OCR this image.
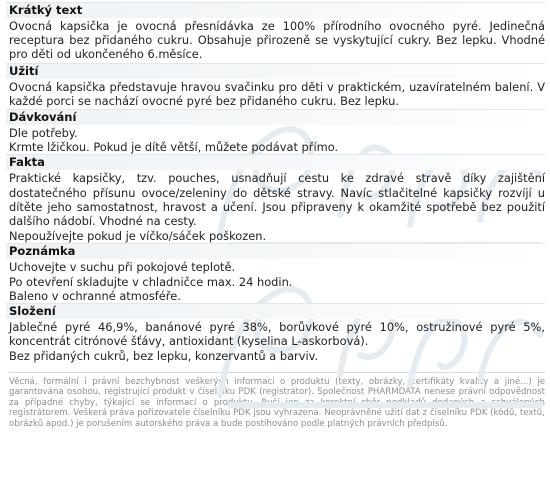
Krátký text
Ovocná kapsička je ovocná přesnídávka ze 100% přírodního ovocného pyré. Jedinečná receptura bez přidaného cukru. Obsahuje přirozeně se vyskytující cukry. Bez lepku. Vhodné pro děti od ukončeného 6.měsíce.
Užití
Ovocná kapsička představuje hravou svačinku pro děti v praktickém, uzavíratelném balení. V každé porci se nachází ovocné pyré bez přidaného cukru. Bez lepku.
Dávkování
Dle potřeby.
Krmte lžičkou. Pokud je dítě větší, můžete podávat přímo.
Fakta
Praktické kapsičky, tzv. pouches, usnadňují cestu ke zdravé stravě díky zajištění dostatečného přísunu ovoce/zeleniny do dětské stravy. Navíc stlačitelné kapsičky rozvíjí u dítěte jeho samostatnost, hravost a učení. Jsou připraveny k okamžité spotřebě bez použití dalšího nádobí. Vhodné na cesty.
Nepoužívejte pokud je víčko/sáček poškozen.
Poznámka
Uchovejte v suchu při pokojové teplotě.
Po otevření skladujte v chladničce max. 24 hodin.
Baleno v ochranné atmosféře.
Složení
Jablečné pyré 46,9%, banánové pyré 38%, borůvkové pyré 10%, ostružinové pyré 5%, koncentrát citrónové šťávy, antioxidant (kyselina L-askorbová).
Bez přidaných cukrů, bez lepku, konzervantů a barviv.
Věcná, formální i právní bezchybnost veškerých informací o produktu (texty, obrázky, certifikáty kvality a jiné...) je garantována osobou, registrující produkt v číselníku PDK (registrátor). Společnost PHARMDATA nenese právní odpovědnost za případné chyby, týkající se informací o produktu. Ručí jen za korektní sběr podkladů dodaných a schválených registrátorem. Veškerá práva pořizovatele číselníku PDK jsou vyhrazena. Neoprávněné užití dat z číselníku PDK (kódů, textů, obrázků apod.) je porušením autorského práva a bude postihováno podle platných právních předpisů.
